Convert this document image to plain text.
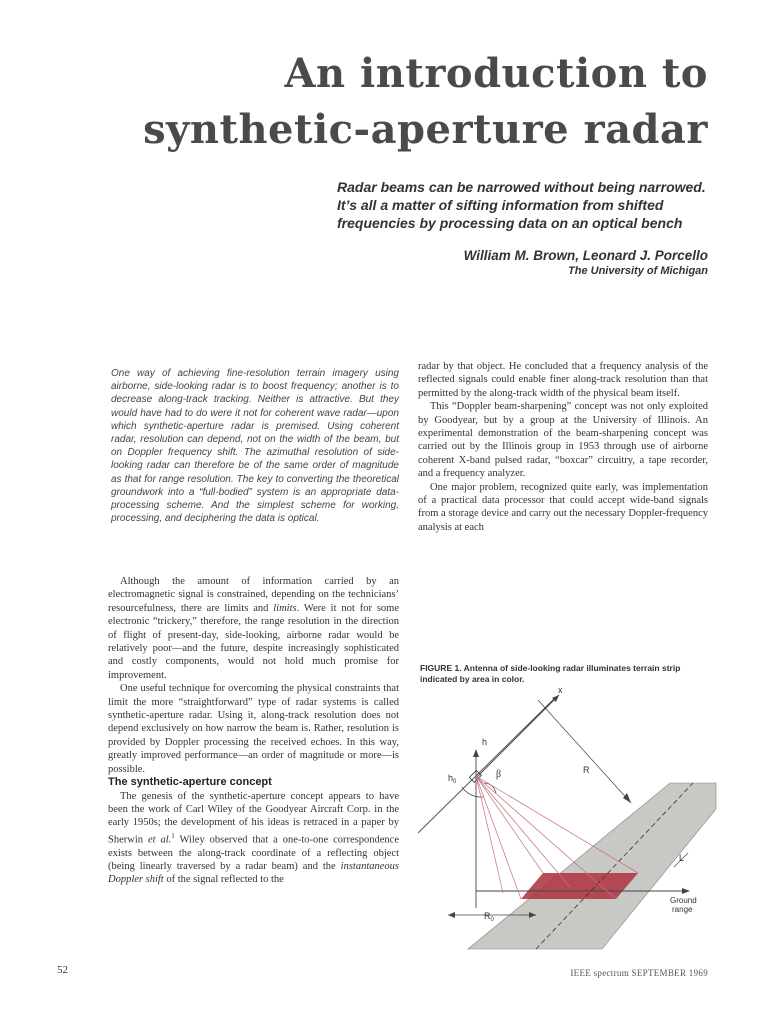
An introduction to
synthetic-aperture radar

Radar beams can be narrowed without being narrowed. It’s all a matter of sifting information from shifted frequencies by processing data on an optical bench

William M. Brown, Leonard J. Porcello

The University of Michigan

One way of achieving fine-resolution terrain imagery using airborne, side-looking radar is to boost frequency; another is to decrease along-track tracking. Neither is attractive. But they would have had to do were it not for coherent wave radar—upon which synthetic-aperture radar is premised. Using coherent radar, resolution can depend, not on the width of the beam, but on Doppler frequency shift. The azimuthal resolution of side-looking radar can therefore be of the same order of magnitude as that for range resolution. The key to converting the theoretical groundwork into a “full-bodied” system is an appropriate data-processing scheme. And the simplest scheme for working, processing, and deciphering the data is optical.

Although the amount of information carried by an electromagnetic signal is constrained, depending on the technicians’ resourcefulness, there are limits and limits. Were it not for some electronic “trickery,” therefore, the range resolution in the direction of flight of present-day, side-looking, airborne radar would be relatively poor—and the future, despite increasingly sophisticated and costly components, would not hold much promise for improvement.

One useful technique for overcoming the physical constraints that limit the more “straightforward” type of radar systems is called synthetic-aperture radar. Using it, along-track resolution does not depend exclusively on how narrow the beam is. Rather, resolution is provided by Doppler processing the received echoes. In this way, greatly improved performance—an order of magnitude or more—is possible.

The synthetic-aperture concept

The genesis of the synthetic-aperture concept appears to have been the work of Carl Wiley of the Goodyear Aircraft Corp. in the early 1950s; the development of his ideas is retraced in a paper by Sherwin et al.$^1$ Wiley observed that a one-to-one correspondence exists between the along-track coordinate of a reflecting object (being linearly traversed by a radar beam) and the instantaneous Doppler shift of the signal reflected to the

radar by that object. He concluded that a frequency analysis of the reflected signals could enable finer along-track resolution than that permitted by the along-track width of the physical beam itself.

This “Doppler beam-sharpening” concept was not only exploited by Goodyear, but by a group at the University of Illinois. An experimental demonstration of the beam-sharpening concept was carried out by the Illinois group in 1953 through use of airborne coherent X-band pulsed radar, “boxcar” circuitry, a tape recorder, and a frequency analyzer.

One major problem, recognized quite early, was implementation of a practical data processor that could accept wide-band signals from a storage device and carry out the necessary Doppler-frequency analysis at each

FIGURE 1. Antenna of side-looking radar illuminates terrain strip indicated by area in color.

x
h
$h_0$
β	R
L
Ground
range
$R_0$
52	IEEE spectrum SEPTEMBER 1969
